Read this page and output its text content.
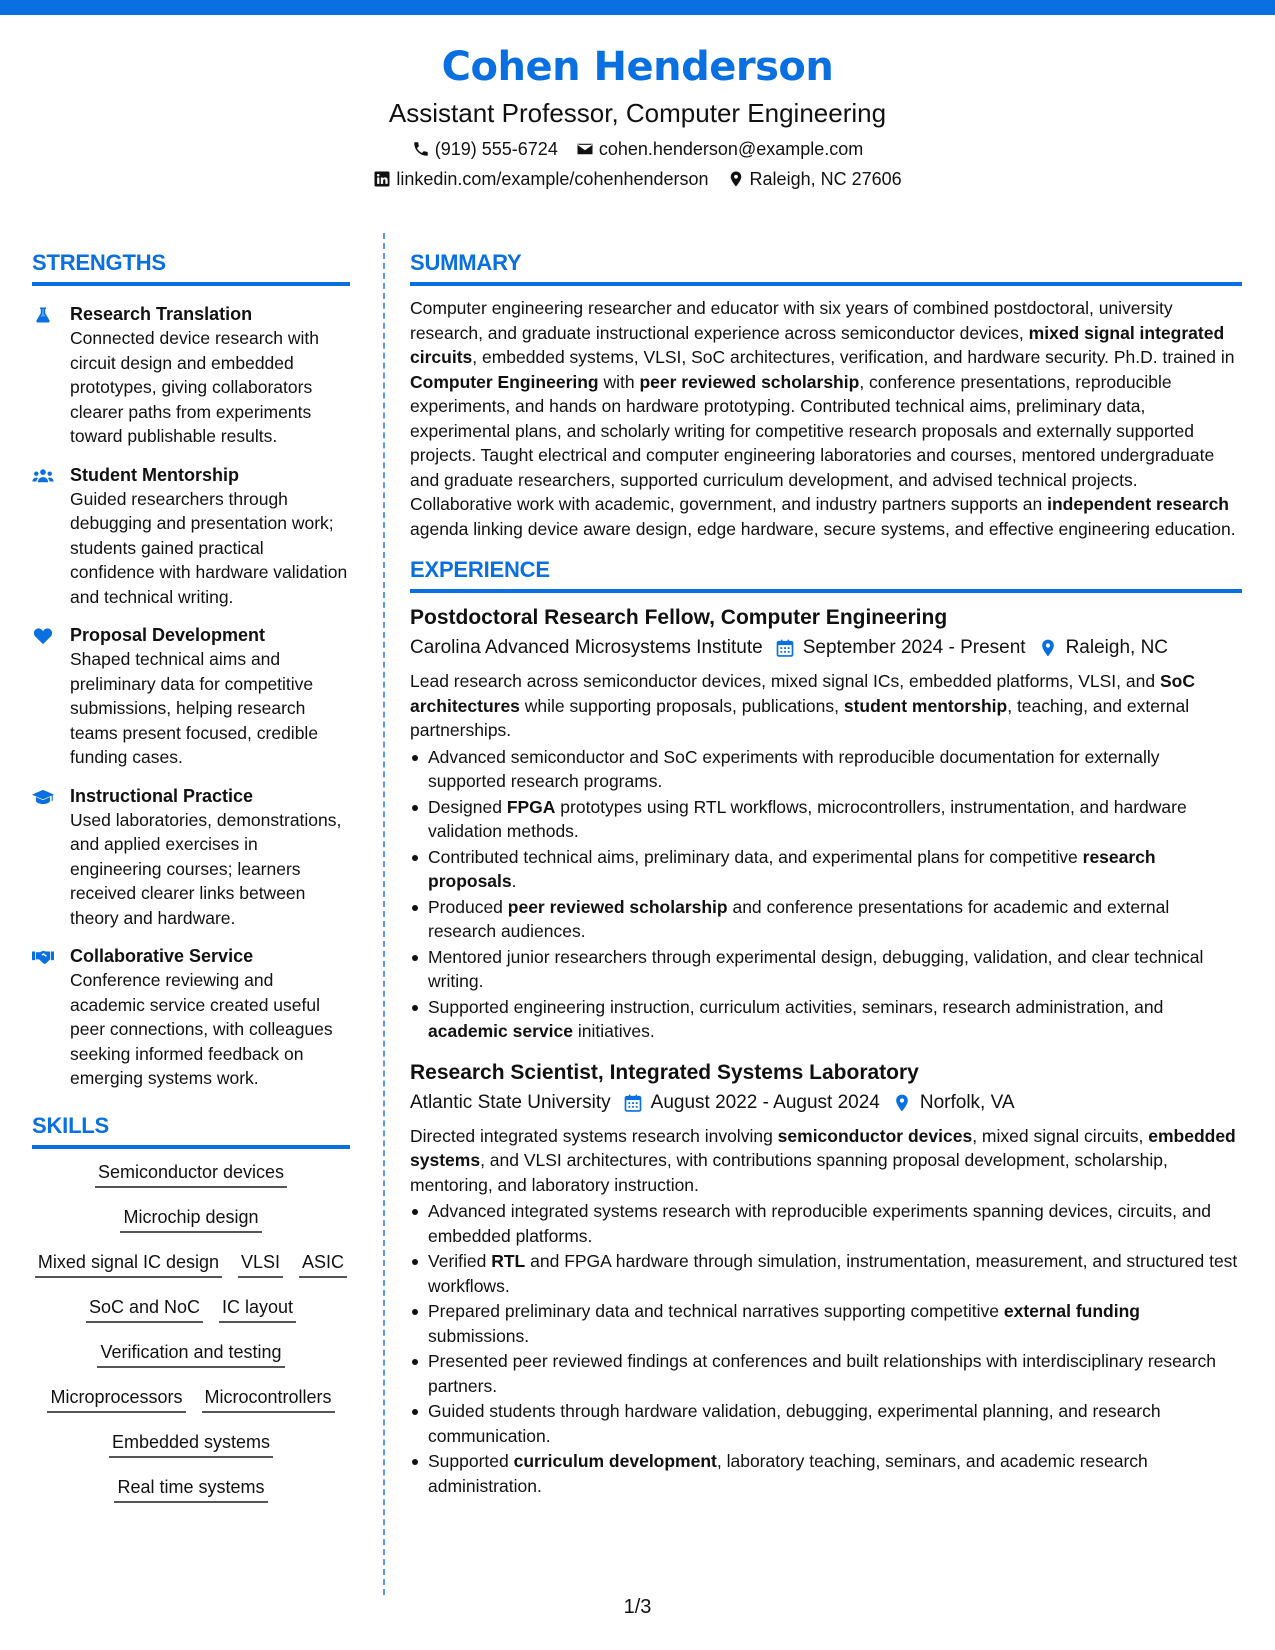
Cohen Henderson
Assistant Professor, Computer Engineering
(919) 555-6724 cohen.henderson@example.com
linkedin.com/example/cohenhenderson Raleigh, NC 27606
STRENGTHS
Research Translation
Connected device research with circuit design and embedded prototypes, giving collaborators clearer paths from experiments toward publishable results.
Student Mentorship
Guided researchers through debugging and presentation work; students gained practical confidence with hardware validation and technical writing.
Proposal Development
Shaped technical aims and preliminary data for competitive submissions, helping research teams present focused, credible funding cases.
Instructional Practice
Used laboratories, demonstrations, and applied exercises in engineering courses; learners received clearer links between theory and hardware.
Collaborative Service
Conference reviewing and academic service created useful peer connections, with colleagues seeking informed feedback on emerging systems work.
SKILLS
Semiconductor devices
Microchip design
Mixed signal IC design VLSI ASIC
SoC and NoC IC layout
Verification and testing
Microprocessors Microcontrollers
Embedded systems
Real time systems
SUMMARY

Computer engineering researcher and educator with six years of combined postdoctoral, university research, and graduate instructional experience across semiconductor devices, mixed signal integrated circuits, embedded systems, VLSI, SoC architectures, verification, and hardware security. Ph.D. trained in Computer Engineering with peer reviewed scholarship, conference presentations, reproducible experiments, and hands on hardware prototyping. Contributed technical aims, preliminary data, experimental plans, and scholarly writing for competitive research proposals and externally supported projects. Taught electrical and computer engineering laboratories and courses, mentored undergraduate and graduate researchers, supported curriculum development, and advised technical projects. Collaborative work with academic, government, and industry partners supports an independent research agenda linking device aware design, edge hardware, secure systems, and effective engineering education.

EXPERIENCE
Postdoctoral Research Fellow, Computer Engineering
Carolina Advanced Microsystems Institute September 2024 - Present Raleigh, NC

Lead research across semiconductor devices, mixed signal ICs, embedded platforms, VLSI, and SoC architectures while supporting proposals, publications, student mentorship, teaching, and external partnerships.

Advanced semiconductor and SoC experiments with reproducible documentation for externally supported research programs.
Designed FPGA prototypes using RTL workflows, microcontrollers, instrumentation, and hardware validation methods.
Contributed technical aims, preliminary data, and experimental plans for competitive research proposals.
Produced peer reviewed scholarship and conference presentations for academic and external research audiences.
Mentored junior researchers through experimental design, debugging, validation, and clear technical writing.
Supported engineering instruction, curriculum activities, seminars, research administration, and academic service initiatives.
Research Scientist, Integrated Systems Laboratory
Atlantic State University August 2022 - August 2024 Norfolk, VA

Directed integrated systems research involving semiconductor devices, mixed signal circuits, embedded systems, and VLSI architectures, with contributions spanning proposal development, scholarship, mentoring, and laboratory instruction.

Advanced integrated systems research with reproducible experiments spanning devices, circuits, and embedded platforms.
Verified RTL and FPGA hardware through simulation, instrumentation, measurement, and structured test workflows.
Prepared preliminary data and technical narratives supporting competitive external funding submissions.
Presented peer reviewed findings at conferences and built relationships with interdisciplinary research partners.
Guided students through hardware validation, debugging, experimental planning, and research communication.
Supported curriculum development, laboratory teaching, seminars, and academic research administration.
1/3
